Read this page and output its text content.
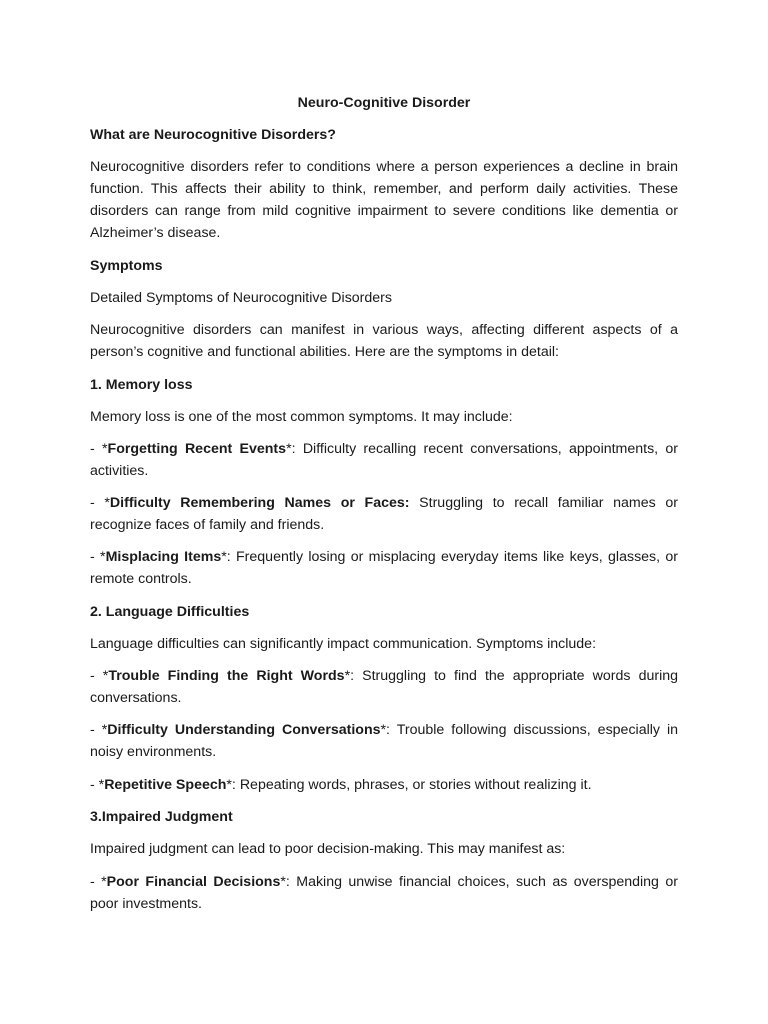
Neuro-Cognitive Disorder

What are Neurocognitive Disorders?

Neurocognitive disorders refer to conditions where a person experiences a decline in brain function. This affects their ability to think, remember, and perform daily activities. These disorders can range from mild cognitive impairment to severe conditions like dementia or Alzheimer’s disease.

Symptoms

Detailed Symptoms of Neurocognitive Disorders

Neurocognitive disorders can manifest in various ways, affecting different aspects of a person’s cognitive and functional abilities. Here are the symptoms in detail:

1. Memory loss

Memory loss is one of the most common symptoms. It may include:

- *Forgetting Recent Events*: Difficulty recalling recent conversations, appointments, or activities.

- *Difficulty Remembering Names or Faces: Struggling to recall familiar names or recognize faces of family and friends.

- *Misplacing Items*: Frequently losing or misplacing everyday items like keys, glasses, or remote controls.

2. Language Difficulties

Language difficulties can significantly impact communication. Symptoms include:

- *Trouble Finding the Right Words*: Struggling to find the appropriate words during conversations.

- *Difficulty Understanding Conversations*: Trouble following discussions, especially in noisy environments.

- *Repetitive Speech*: Repeating words, phrases, or stories without realizing it.

3.Impaired Judgment

Impaired judgment can lead to poor decision-making. This may manifest as:

- *Poor Financial Decisions*: Making unwise financial choices, such as overspending or poor investments.
